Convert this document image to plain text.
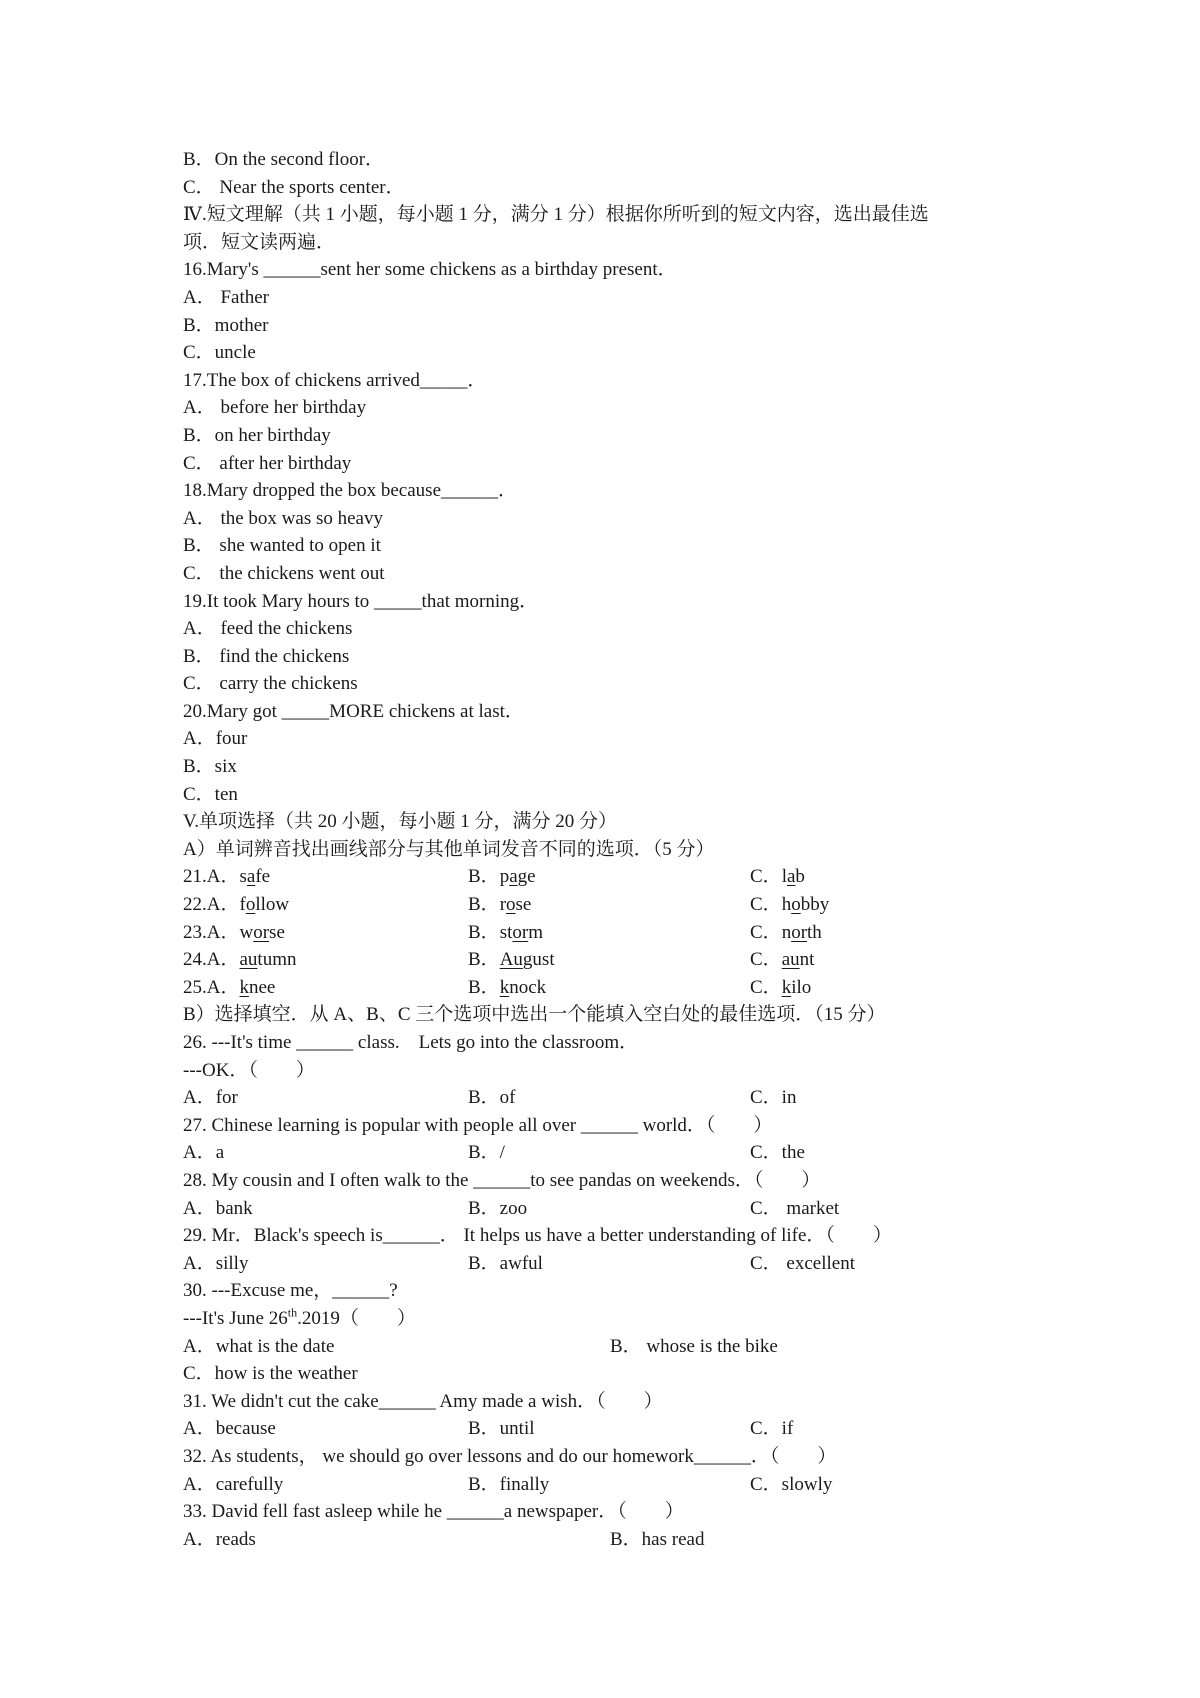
B．On the second floor．
C． Near the sports center．
Ⅳ.短文理解（共 1 小题，每小题 1 分，满分 1 分）根据你所听到的短文内容，选出最佳选
项．短文读两遍．
16.Mary's ______sent her some chickens as a birthday present．
A． Father
B．mother
C．uncle
17.The box of chickens arrived_____．
A． before her birthday
B．on her birthday
C． after her birthday
18.Mary dropped the box because______．
A． the box was so heavy
B． she wanted to open it
C． the chickens went out
19.It took Mary hours to _____that morning．
A． feed the chickens
B． find the chickens
C． carry the chickens
20.Mary got _____MORE chickens at last．
A．four
B．six
C．ten
V.单项选择（共 20 小题，每小题 1 分，满分 20 分）
A）单词辨音找出画线部分与其他单词发音不同的选项．（5 分）
21.A．safe	B．page	C．lab
22.A．follow	B．rose	C．hobby
23.A．worse	B．storm	C．north
24.A．autumn	B．August	C．aunt
25.A．knee	B．knock	C．kilo
B）选择填空．从 A、B、C 三个选项中选出一个能填入空白处的最佳选项．（15 分）
26. ---It's time ______ class.　Lets go into the classroom．
---OK．（　　）
A．for	B．of	C．in
27. Chinese learning is popular with people all over ______ world．（　　）
A．a	B．/	C．the
28. My cousin and I often walk to the ______to see pandas on weekends．（　　）
A．bank	B．zoo	C． market
29. Mr．Black's speech is______． It helps us have a better understanding of life．（　　）
A．silly	B．awful	C． excellent
30. ---Excuse me，______?
---It's June 26th.2019（　　）
A．what is the date	B． whose is the bike
C．how is the weather
31. We didn't cut the cake______ Amy made a wish．（　　）
A．because	B．until	C．if
32. As students， we should go over lessons and do our homework______．（　　）
A．carefully	B．finally	C．slowly
33. David fell fast asleep while he ______a newspaper．（　　）
A．reads	B．has read
